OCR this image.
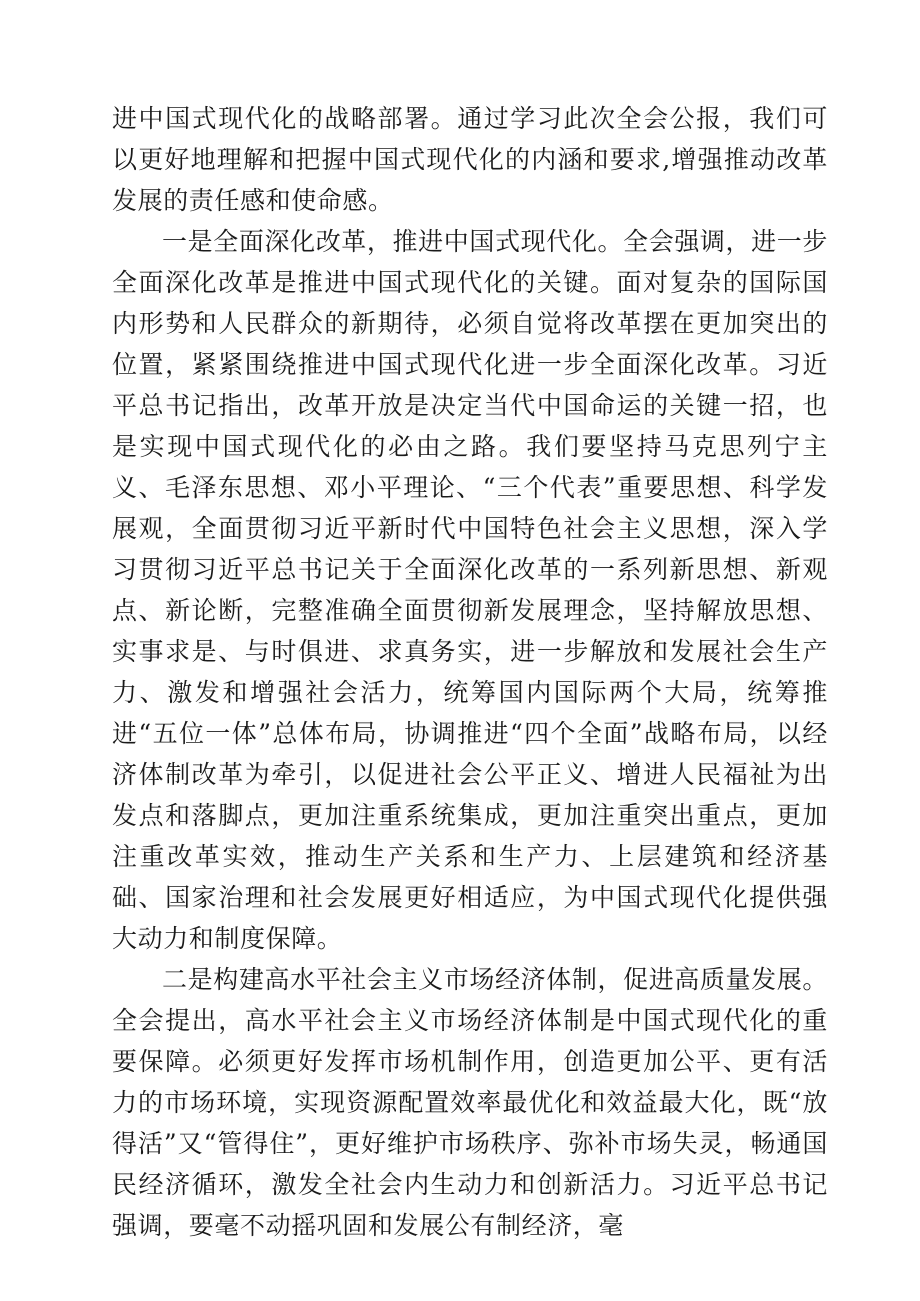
进中国式现代化的战略部署。通过学习此次全会公报，我们可以更好地理解和把握中国式现代化的内涵和要求,增强推动改革发展的责任感和使命感。

一是全面深化改革，推进中国式现代化。全会强调，进一步全面深化改革是推进中国式现代化的关键。面对复杂的国际国内形势和人民群众的新期待，必须自觉将改革摆在更加突出的位置，紧紧围绕推进中国式现代化进一步全面深化改革。习近平总书记指出，改革开放是决定当代中国命运的关键一招，也是实现中国式现代化的必由之路。我们要坚持马克思列宁主义、毛泽东思想、邓小平理论、“三个代表”重要思想、科学发展观，全面贯彻习近平新时代中国特色社会主义思想，深入学习贯彻习近平总书记关于全面深化改革的一系列新思想、新观点、新论断，完整准确全面贯彻新发展理念，坚持解放思想、实事求是、与时俱进、求真务实，进一步解放和发展社会生产力、激发和增强社会活力，统筹国内国际两个大局，统筹推进“五位一体”总体布局，协调推进“四个全面”战略布局，以经济体制改革为牵引，以促进社会公平正义、增进人民福祉为出发点和落脚点，更加注重系统集成，更加注重突出重点，更加注重改革实效，推动生产关系和生产力、上层建筑和经济基础、国家治理和社会发展更好相适应，为中国式现代化提供强大动力和制度保障。

二是构建高水平社会主义市场经济体制，促进高质量发展。全会提出，高水平社会主义市场经济体制是中国式现代化的重要保障。必须更好发挥市场机制作用，创造更加公平、更有活力的市场环境，实现资源配置效率最优化和效益最大化，既“放得活”又“管得住”，更好维护市场秩序、弥补市场失灵，畅通国民经济循环，激发全社会内生动力和创新活力。习近平总书记强调，要毫不动摇巩固和发展公有制经济，毫
